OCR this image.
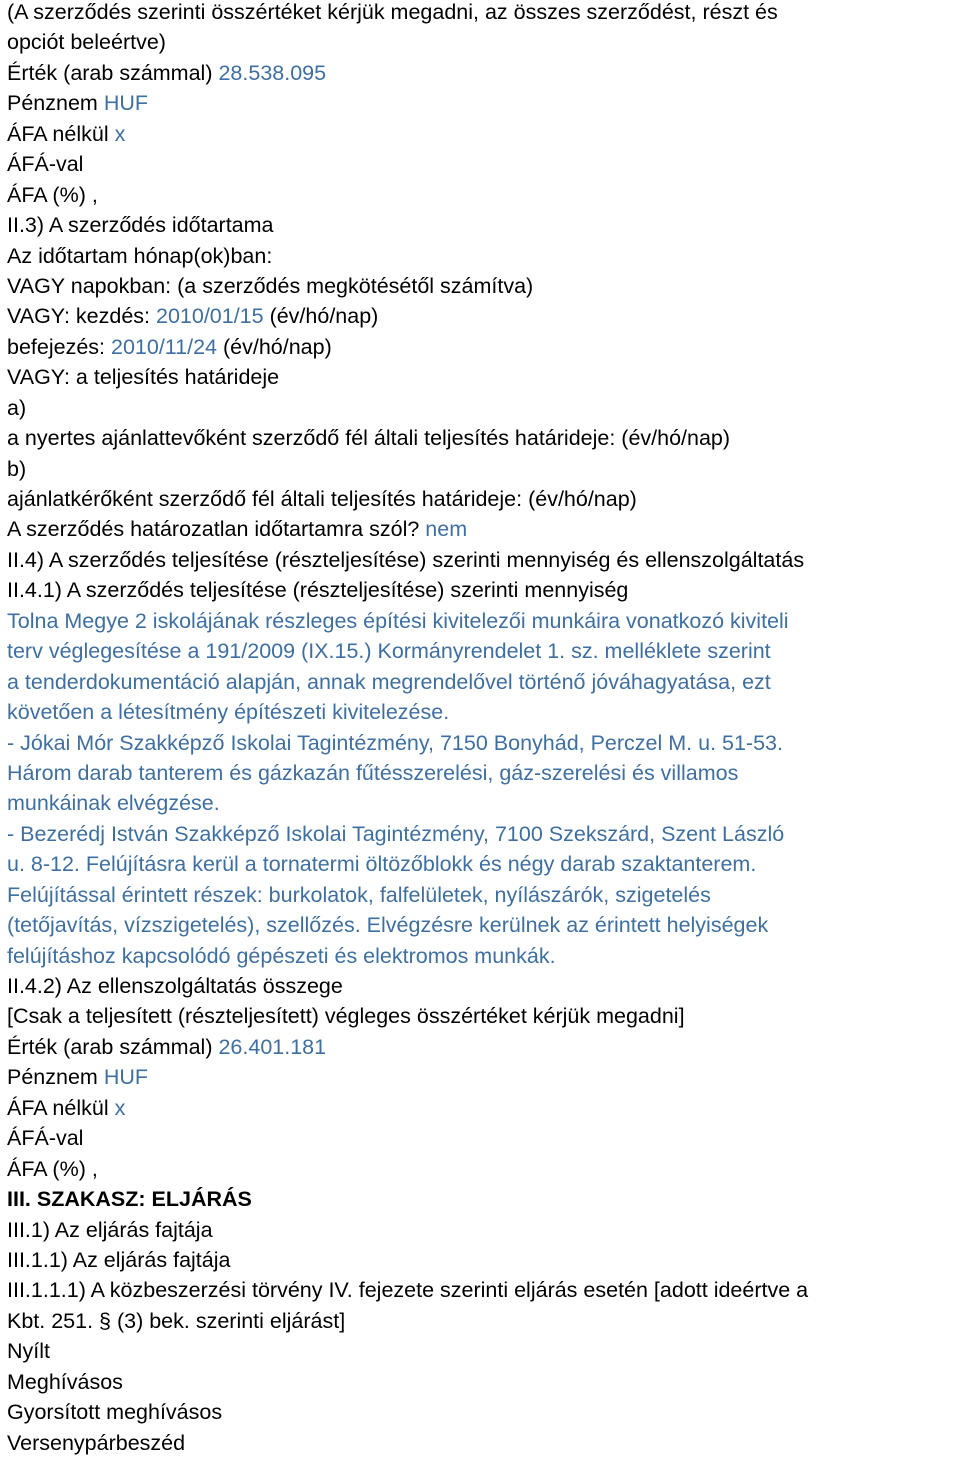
(A szerződés szerinti összértéket kérjük megadni, az összes szerződést, részt és
opciót beleértve)
Érték (arab számmal) 28.538.095
Pénznem HUF
ÁFA nélkül x
ÁFÁ-val
ÁFA (%) ,
II.3) A szerződés időtartama
Az időtartam hónap(ok)ban:
VAGY napokban: (a szerződés megkötésétől számítva)
VAGY: kezdés: 2010/01/15 (év/hó/nap)
befejezés: 2010/11/24 (év/hó/nap)
VAGY: a teljesítés határideje
a)
a nyertes ajánlattevőként szerződő fél általi teljesítés határideje: (év/hó/nap)
b)
ajánlatkérőként szerződő fél általi teljesítés határideje: (év/hó/nap)
A szerződés határozatlan időtartamra szól? nem
II.4) A szerződés teljesítése (részteljesítése) szerinti mennyiség és ellenszolgáltatás
II.4.1) A szerződés teljesítése (részteljesítése) szerinti mennyiség
Tolna Megye 2 iskolájának részleges építési kivitelezői munkáira vonatkozó kiviteli
terv véglegesítése a 191/2009 (IX.15.) Kormányrendelet 1. sz. melléklete szerint
a tenderdokumentáció alapján, annak megrendelővel történő jóváhagyatása, ezt
követően a létesítmény építészeti kivitelezése.
- Jókai Mór Szakképző Iskolai Tagintézmény, 7150 Bonyhád, Perczel M. u. 51-53.
Három darab tanterem és gázkazán fűtésszerelési, gáz-szerelési és villamos
munkáinak elvégzése.
- Bezerédj István Szakképző Iskolai Tagintézmény, 7100 Szekszárd, Szent László
u. 8-12. Felújításra kerül a tornatermi öltözőblokk és négy darab szaktanterem.
Felújítással érintett részek: burkolatok, falfelületek, nyílászárók, szigetelés
(tetőjavítás, vízszigetelés), szellőzés. Elvégzésre kerülnek az érintett helyiségek
felújításhoz kapcsolódó gépészeti és elektromos munkák.
II.4.2) Az ellenszolgáltatás összege
[Csak a teljesített (részteljesített) végleges összértéket kérjük megadni]
Érték (arab számmal) 26.401.181
Pénznem HUF
ÁFA nélkül x
ÁFÁ-val
ÁFA (%) ,
III. SZAKASZ: ELJÁRÁS
III.1) Az eljárás fajtája
III.1.1) Az eljárás fajtája
III.1.1.1) A közbeszerzési törvény IV. fejezete szerinti eljárás esetén [adott ideértve a
Kbt. 251. § (3) bek. szerinti eljárást]
Nyílt
Meghívásos
Gyorsított meghívásos
Versenypárbeszéd
